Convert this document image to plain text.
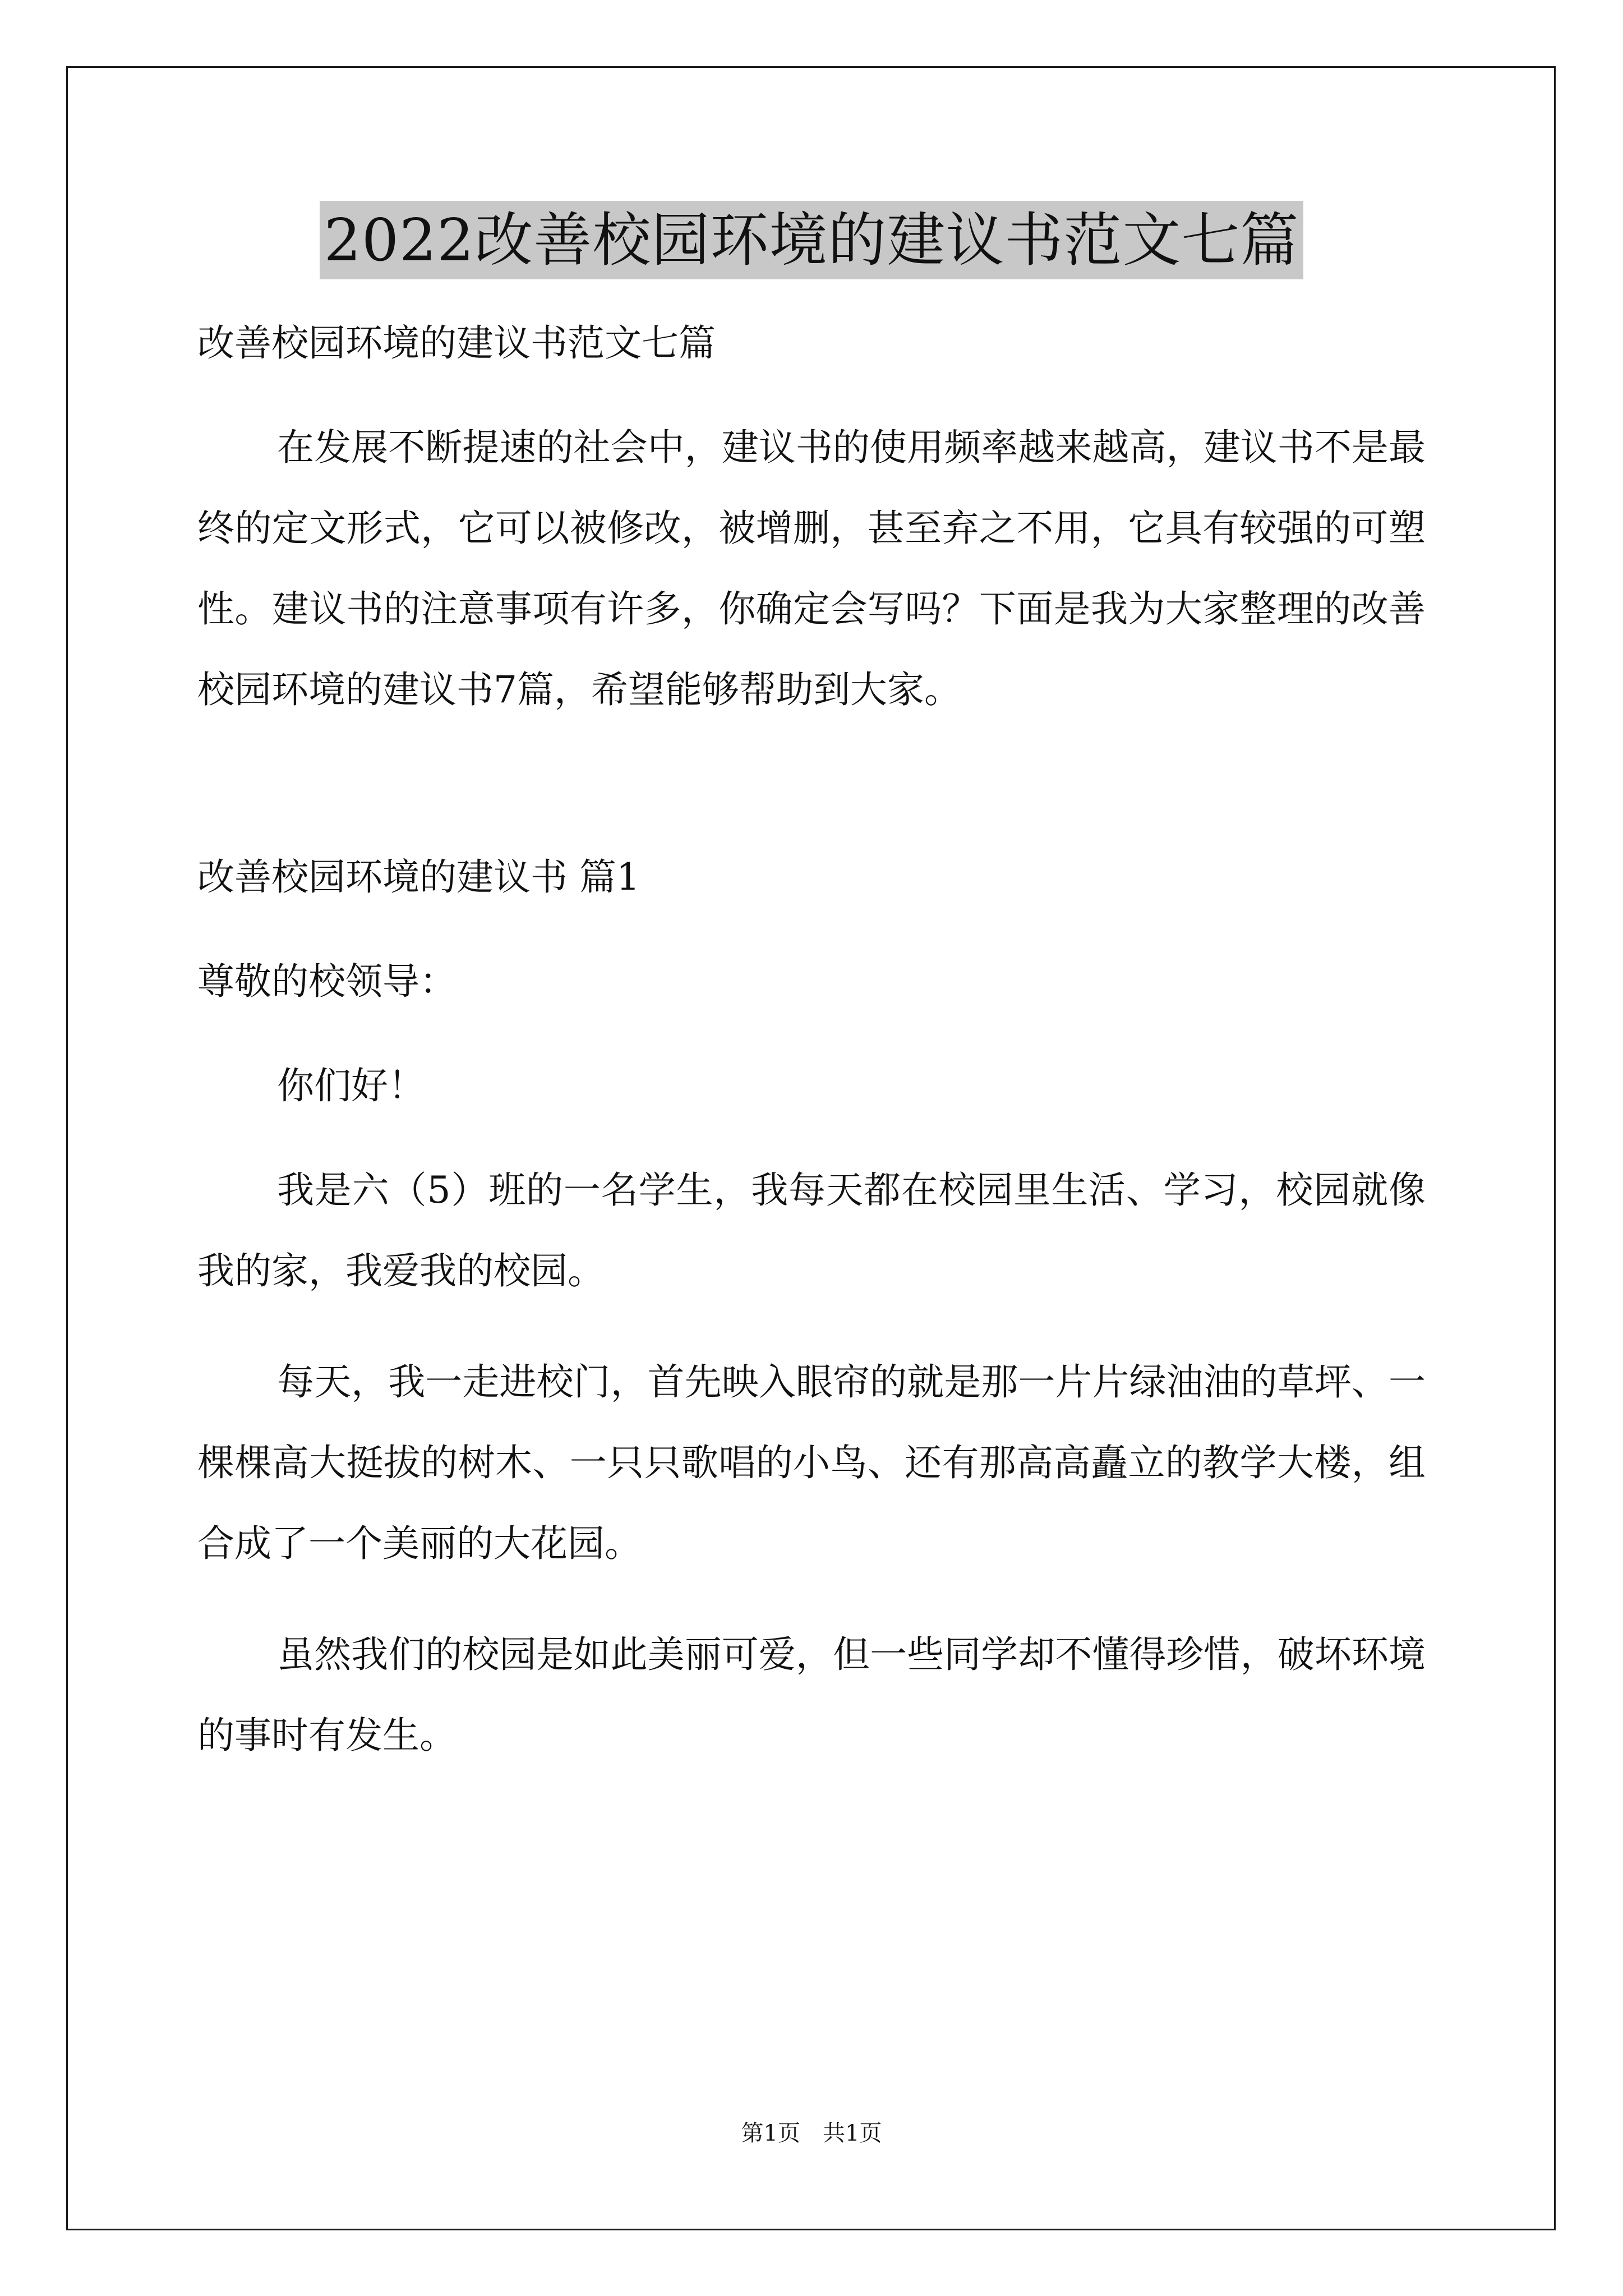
2022改善校园环境的建议书范文七篇

改善校园环境的建议书范文七篇

在发展不断提速的社会中，建议书的使用频率越来越高，建议书不是最终的定文形式，它可以被修改，被增删，甚至弃之不用，它具有较强的可塑性。建议书的注意事项有许多，你确定会写吗？下面是我为大家整理的改善校园环境的建议书7篇，希望能够帮助到大家。

改善校园环境的建议书 篇1

尊敬的校领导：

你们好！

我是六（5）班的一名学生，我每天都在校园里生活、学习，校园就像我的家，我爱我的校园。

每天，我一走进校门，首先映入眼帘的就是那一片片绿油油的草坪、一棵棵高大挺拔的树木、一只只歌唱的小鸟、还有那高高矗立的教学大楼，组合成了一个美丽的大花园。

虽然我们的校园是如此美丽可爱，但一些同学却不懂得珍惜，破坏环境的事时有发生。

第1页　共1页
